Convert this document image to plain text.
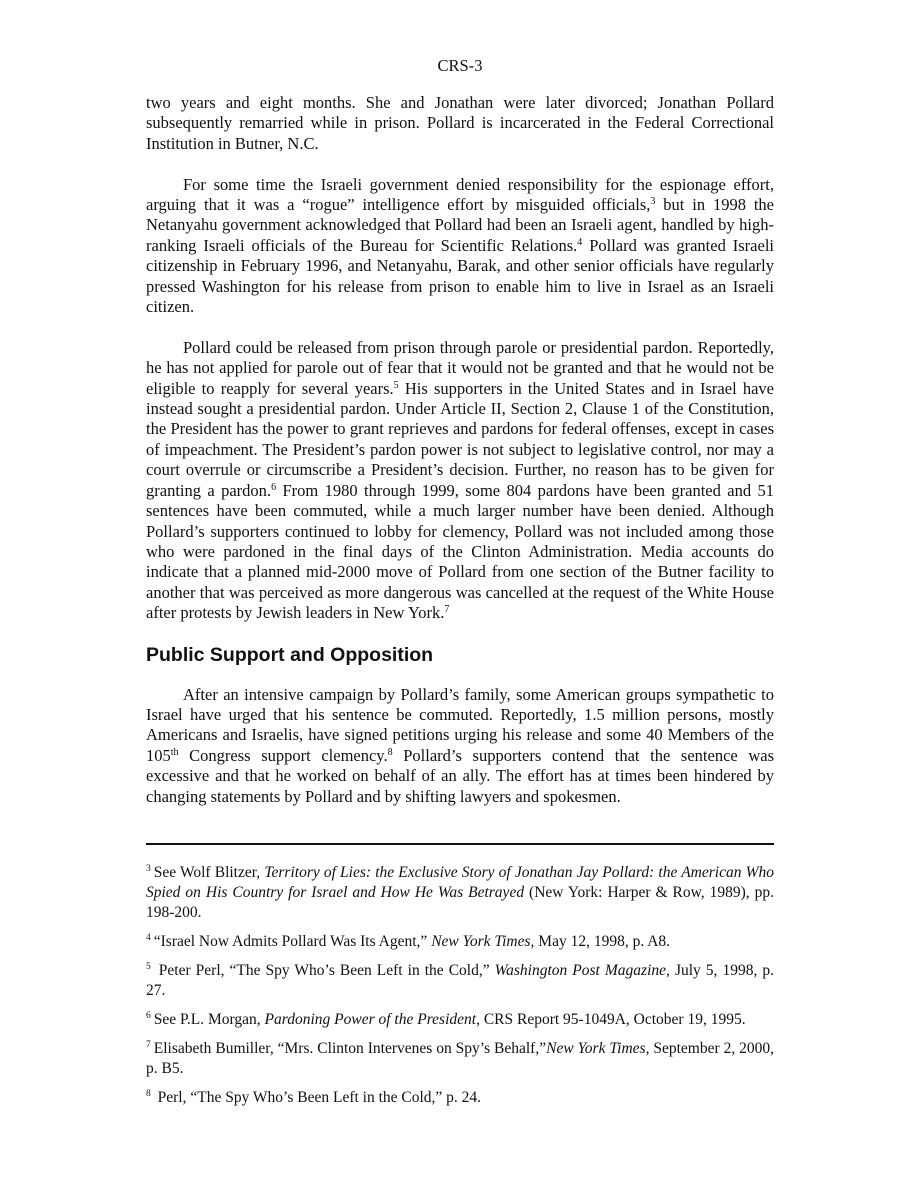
CRS-3

two years and eight months. She and Jonathan were later divorced; Jonathan Pollard subsequently remarried while in prison. Pollard is incarcerated in the Federal Correctional Institution in Butner, N.C.

For some time the Israeli government denied responsibility for the espionage effort, arguing that it was a “rogue” intelligence effort by misguided officials,$^3$ but in 1998 the Netanyahu government acknowledged that Pollard had been an Israeli agent, handled by high-ranking Israeli officials of the Bureau for Scientific Relations.$^4$ Pollard was granted Israeli citizenship in February 1996, and Netanyahu, Barak, and other senior officials have regularly pressed Washington for his release from prison to enable him to live in Israel as an Israeli citizen.

Pollard could be released from prison through parole or presidential pardon. Reportedly, he has not applied for parole out of fear that it would not be granted and that he would not be eligible to reapply for several years.$^5$ His supporters in the United States and in Israel have instead sought a presidential pardon. Under Article II, Section 2, Clause 1 of the Constitution, the President has the power to grant reprieves and pardons for federal offenses, except in cases of impeachment. The President’s pardon power is not subject to legislative control, nor may a court overrule or circumscribe a President’s decision. Further, no reason has to be given for granting a pardon.$^6$ From 1980 through 1999, some 804 pardons have been granted and 51 sentences have been commuted, while a much larger number have been denied. Although Pollard’s supporters continued to lobby for clemency, Pollard was not included among those who were pardoned in the final days of the Clinton Administration. Media accounts do indicate that a planned mid-2000 move of Pollard from one section of the Butner facility to another that was perceived as more dangerous was cancelled at the request of the White House after protests by Jewish leaders in New York.$^7$

Public Support and Opposition

After an intensive campaign by Pollard’s family, some American groups sympathetic to Israel have urged that his sentence be commuted. Reportedly, 1.5 million persons, mostly Americans and Israelis, have signed petitions urging his release and some 40 Members of the 105th Congress support clemency.$^8$ Pollard’s supporters contend that the sentence was excessive and that he worked on behalf of an ally. The effort has at times been hindered by changing statements by Pollard and by shifting lawyers and spokesmen.

$^3$ See Wolf Blitzer, Territory of Lies: the Exclusive Story of Jonathan Jay Pollard: the American Who Spied on His Country for Israel and How He Was Betrayed (New York: Harper & Row, 1989), pp. 198-200.

$^4$ “Israel Now Admits Pollard Was Its Agent,” New York Times, May 12, 1998, p. A8.

$^5$ Peter Perl, “The Spy Who’s Been Left in the Cold,” Washington Post Magazine, July 5, 1998, p. 27.

$^6$ See P.L. Morgan, Pardoning Power of the President, CRS Report 95-1049A, October 19, 1995.

$^7$ Elisabeth Bumiller, “Mrs. Clinton Intervenes on Spy’s Behalf,”New York Times, September 2, 2000, p. B5.

$^8$ Perl, “The Spy Who’s Been Left in the Cold,” p. 24.
